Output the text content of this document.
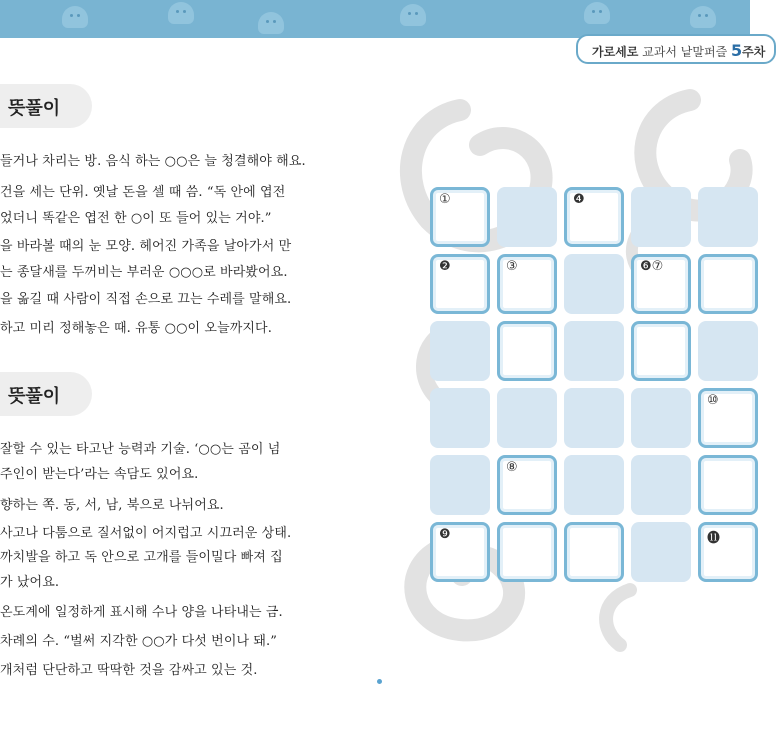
가로세로 교과서 낱말퍼즐 5주차
뜻풀이
들거나 차리는 방. 음식 하는 ○○은 늘 청결해야 해요.
건을 세는 단위. 옛날 돈을 셀 때 씀. “독 안에 엽전
었더니 똑같은 엽전 한 ○이 또 들어 있는 거야.”
을 바라볼 때의 눈 모양. 헤어진 가족을 날아가서 만
는 종달새를 두꺼비는 부러운 ○○○로 바라봤어요.
을 옮길 때 사람이 직접 손으로 끄는 수레를 말해요.
하고 미리 정해놓은 때. 유통 ○○이 오늘까지다.
뜻풀이
잘할 수 있는 타고난 능력과 기술. ‘○○는 곰이 넘
주인이 받는다’라는 속담도 있어요.
향하는 쪽. 동, 서, 남, 북으로 나뉘어요.
사고나 다툼으로 질서없이 어지럽고 시끄러운 상태.
까치발을 하고 독 안으로 고개를 들이밀다 빠져 집
가 났어요.
온도계에 일정하게 표시해 수나 양을 나타내는 금.
차례의 수. “벌써 지각한 ○○가 다섯 번이나 돼.”
개처럼 단단하고 딱딱한 것을 감싸고 있는 것.
①	❹
❷	③	❻⑦
⑩
⑧
❾	⓫
